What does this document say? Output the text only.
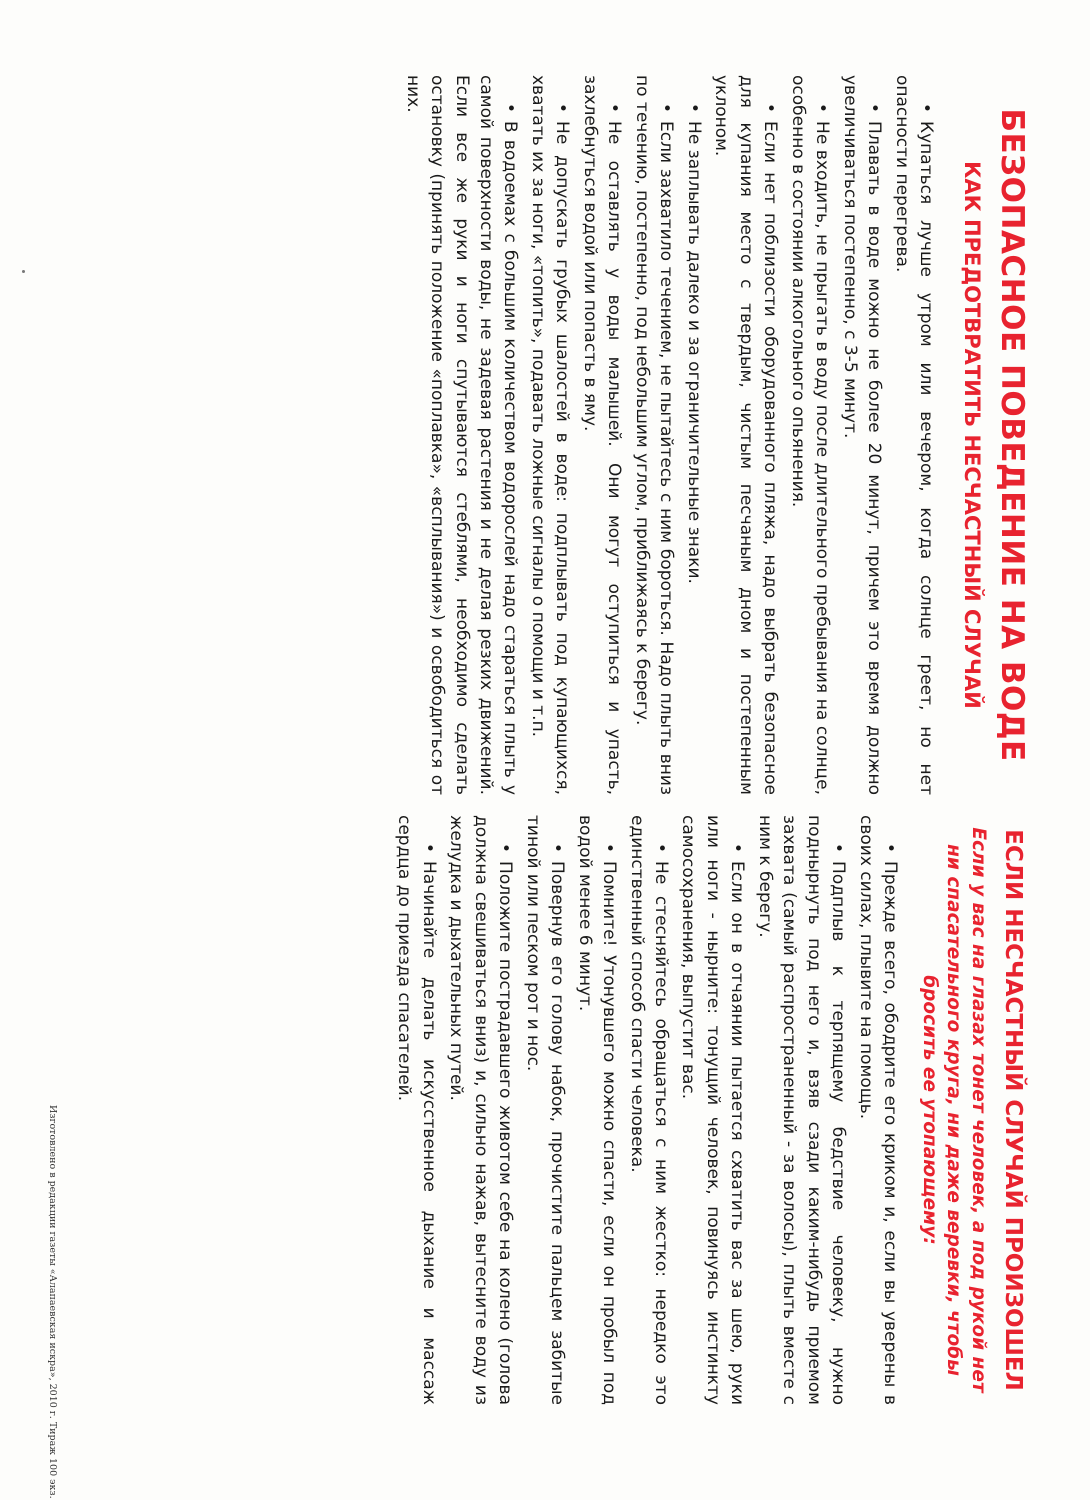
БЕЗОПАСНОЕ ПОВЕДЕНИЕ НА ВОДЕ
КАК ПРЕДОТВРАТИТЬ НЕСЧАСТНЫЙ СЛУЧАЙ

•Купаться лучше утром или вечером, когда солнце греет, но нет опасности перегрева.

•Плавать в воде можно не более 20 минут, причем это время должно увеличиваться постепенно, с 3-5 минут.

•Не входить, не прыгать в воду после длительного пребывания на солнце, особенно в состоянии алкогольного опьянения.

•Если нет поблизости оборудованного пляжа, надо выбрать безопасное для купания место с твердым, чистым песчаным дном и постепенным уклоном.

•Не заплывать далеко и за ограничительные знаки.

•Если захватило течением, не пытайтесь с ним бороться. Надо плыть вниз по течению, постепенно, под небольшим углом, приближаясь к берегу.

•Не оставлять у воды малышей. Они могут оступиться и упасть, захлебнуться водой или попасть в яму.

•Не допускать грубых шалостей в воде: подплывать под купающихся, хватать их за ноги, «топить», подавать ложные сигналы о помощи и т.п.

•В водоемах с большим количеством водорослей надо стараться плыть у самой поверхности воды, не задевая растения и не делая резких движений. Если все же руки и ноги спутываются стеблями, необходимо сделать остановку (принять положение «поплавка», «всплывания») и освободиться от них.

ЕСЛИ НЕСЧАСТНЫЙ СЛУЧАЙ ПРОИЗОШЕЛ

Если у вас на глазах тонет человек, а под рукой нет ни спасательного круга, ни даже веревки, чтобы бросить ее утопающему:

•Прежде всего, ободрите его криком и, если вы уверены в своих силах, плывите на помощь.

•Подплыв к терпящему бедствие человеку, нужно поднырнуть под него и, взяв сзади каким-нибудь приемом захвата (самый распространенный - за волосы), плыть вместе с ним к берегу.

•Если он в отчаянии пытается схватить вас за шею, руки или ноги - нырните: тонущий человек, повинуясь инстинкту самосохранения, выпустит вас.

•Не стесняйтесь обращаться с ним жестко: нередко это единственный способ спасти человека.

•Помните! Утонувшего можно спасти, если он пробыл под водой менее 6 минут.

•Повернув его голову набок, прочистите пальцем забитые тиной или песком рот и нос.

•Положите пострадавшего животом себе на колено (голова должна свешиваться вниз) и, сильно нажав, вытесните воду из желудка и дыхательных путей.

•Начинайте делать искусственное дыхание и массаж сердца до приезда спасателей.

Изготовлено в редакции газеты «Алапаевская искра», 2010 г. Тираж 100 экз.
